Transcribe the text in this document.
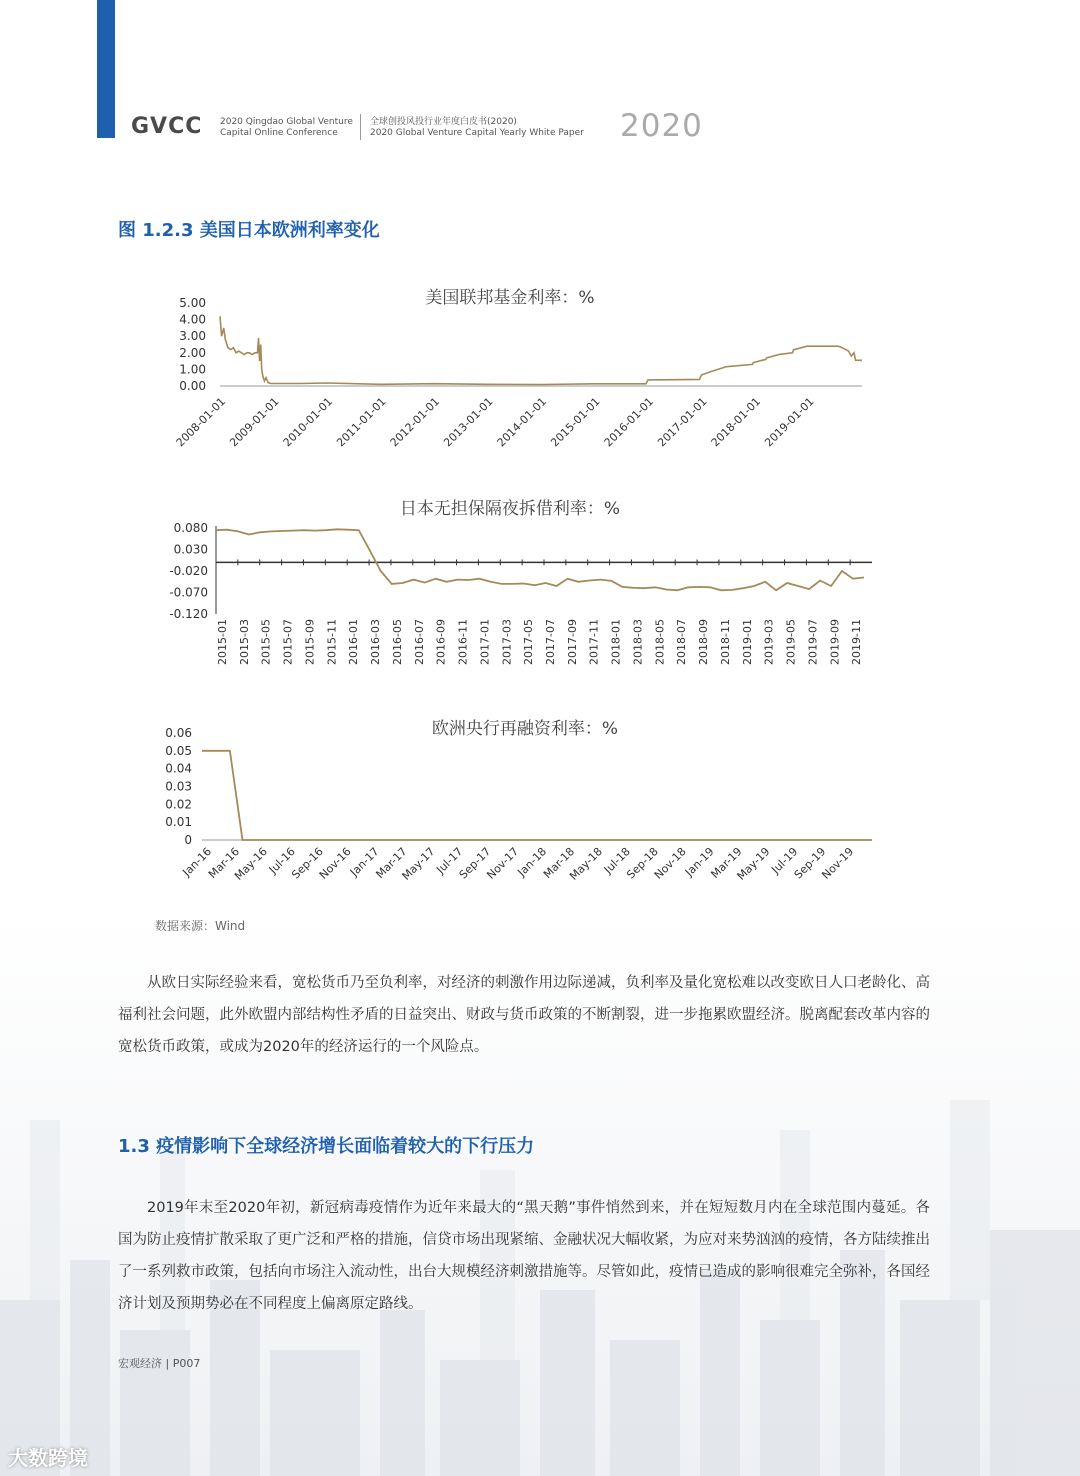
GVCC 2020 Qingdao Global Venture
Capital Online Conference
全球创投风投行业年度白皮书(2020)
2020 Global Venture Capital Yearly White Paper 2020
图 1.2.3 美国日本欧洲利率变化
美国联邦基金利率：%
5.00
4.00
3.00
2.00
1.00
0.00
2008-01-01 2009-01-01 2010-01-01 2011-01-01 2012-01-01 2013-01-01 2014-01-01 2015-01-01 2016-01-01 2017-01-01 2018-01-01 2019-01-01
日本无担保隔夜拆借利率：%
0.080
0.030
-0.020
-0.070
-0.120
2015-01 2015-03 2015-05 2015-07 2015-09 2015-11 2016-01 2016-03 2016-05 2016-07 2016-09 2016-11 2017-01 2017-03 2017-05 2017-07 2017-09 2017-11 2018-01 2018-03 2018-05 2018-07 2018-09 2018-11 2019-01 2019-03 2019-05 2019-07 2019-09 2019-11
欧洲央行再融资利率：%
0.06
0.05
0.04
0.03
0.02
0.01
0
Jan-16
Mar-16
May-16
Jul-16
Sep-16
Nov-16
Jan-17
Mar-17
May-17
Jul-17
Sep-17
Nov-17
Jan-18
Mar-18
May-18
Jul-18
Sep-18
Nov-18
Jan-19
Mar-19
May-19
Jul-19
Sep-19
Nov-19
数据来源：Wind

从欧日实际经验来看，宽松货币乃至负利率，对经济的刺激作用边际递减，负利率及量化宽松难以改变欧日人口老龄化、高福利社会问题，此外欧盟内部结构性矛盾的日益突出、财政与货币政策的不断割裂，进一步拖累欧盟经济。脱离配套改革内容的宽松货币政策，或成为2020年的经济运行的一个风险点。

1.3 疫情影响下全球经济增长面临着较大的下行压力

2019年末至2020年初，新冠病毒疫情作为近年来最大的“黑天鹅”事件悄然到来，并在短短数月内在全球范围内蔓延。各国为防止疫情扩散采取了更广泛和严格的措施，信贷市场出现紧缩、金融状况大幅收紧，为应对来势汹汹的疫情，各方陆续推出了一系列救市政策，包括向市场注入流动性，出台大规模经济刺激措施等。尽管如此，疫情已造成的影响很难完全弥补，各国经济计划及预期势必在不同程度上偏离原定路线。

宏观经济 | P007
大数跨境
